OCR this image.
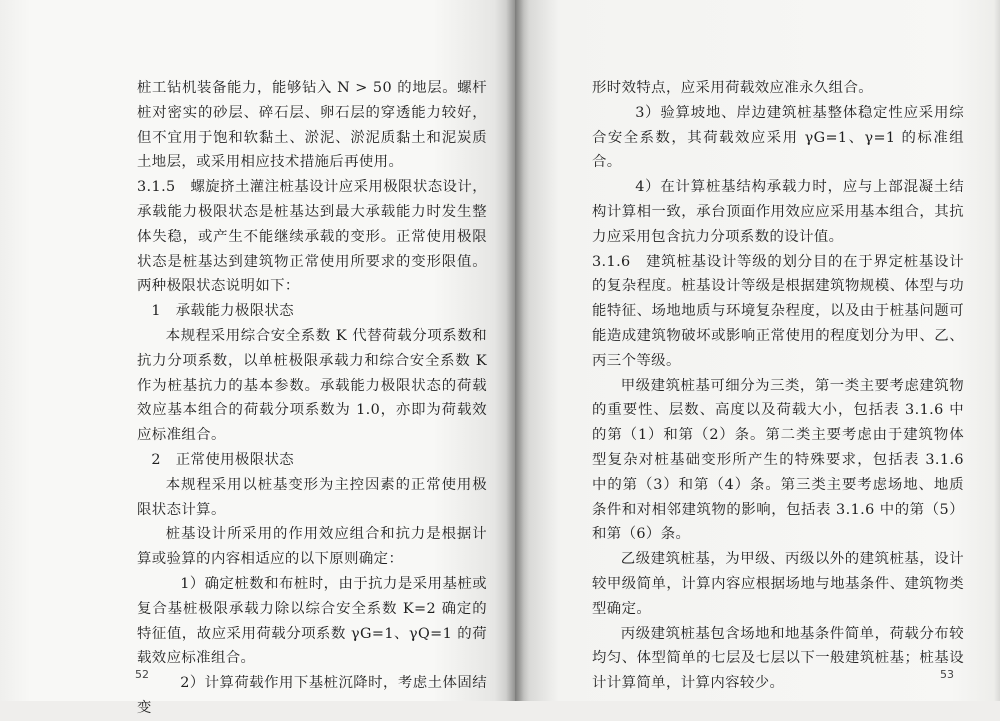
桩工钻机装备能力，能够钻入 N > 50 的地层。螺杆桩对密实的砂层、碎石层、卵石层的穿透能力较好，但不宜用于饱和软黏土、淤泥、淤泥质黏土和泥炭质土地层，或采用相应技术措施后再使用。

3.1.5　螺旋挤土灌注桩基设计应采用极限状态设计，承载能力极限状态是桩基达到最大承载能力时发生整体失稳，或产生不能继续承载的变形。正常使用极限状态是桩基达到建筑物正常使用所要求的变形限值。两种极限状态说明如下：

1　承载能力极限状态

本规程采用综合安全系数 K 代替荷载分项系数和抗力分项系数，以单桩极限承载力和综合安全系数 K 作为桩基抗力的基本参数。承载能力极限状态的荷载效应基本组合的荷载分项系数为 1.0，亦即为荷载效应标准组合。

2　正常使用极限状态

本规程采用以桩基变形为主控因素的正常使用极限状态计算。

桩基设计所采用的作用效应组合和抗力是根据计算或验算的内容相适应的以下原则确定：

1）确定桩数和布桩时，由于抗力是采用基桩或复合基桩极限承载力除以综合安全系数 K=2 确定的特征值，故应采用荷载分项系数 γG=1、γQ=1 的荷载效应标准组合。

2）计算荷载作用下基桩沉降时，考虑土体固结变

52

形时效特点，应采用荷载效应准永久组合。

3）验算坡地、岸边建筑桩基整体稳定性应采用综合安全系数，其荷载效应采用 γG=1、γ=1 的标准组合。

4）在计算桩基结构承载力时，应与上部混凝土结构计算相一致，承台顶面作用效应应采用基本组合，其抗力应采用包含抗力分项系数的设计值。

3.1.6　建筑桩基设计等级的划分目的在于界定桩基设计的复杂程度。桩基设计等级是根据建筑物规模、体型与功能特征、场地地质与环境复杂程度，以及由于桩基问题可能造成建筑物破坏或影响正常使用的程度划分为甲、乙、丙三个等级。

甲级建筑桩基可细分为三类，第一类主要考虑建筑物的重要性、层数、高度以及荷载大小，包括表 3.1.6 中的第（1）和第（2）条。第二类主要考虑由于建筑物体型复杂对桩基础变形所产生的特殊要求，包括表 3.1.6 中的第（3）和第（4）条。第三类主要考虑场地、地质条件和对相邻建筑物的影响，包括表 3.1.6 中的第（5）和第（6）条。

乙级建筑桩基，为甲级、丙级以外的建筑桩基，设计较甲级简单，计算内容应根据场地与地基条件、建筑物类型确定。

丙级建筑桩基包含场地和地基条件简单，荷载分布较均匀、体型简单的七层及七层以下一般建筑桩基；桩基设计计算简单，计算内容较少。

53
